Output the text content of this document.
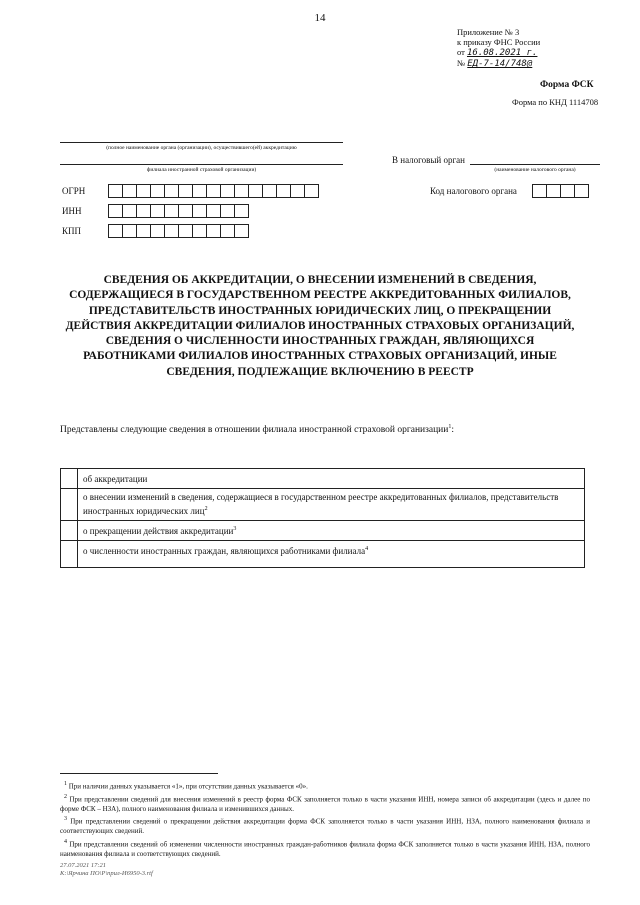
14
Приложение № 3
к приказу ФНС России
от 16.08.2021 г.
№ ЕД-7-14/748@
Форма ФСК
Форма по КНД 1114708
(полное наименование органа (организации), осуществившего(ей) аккредитацию
филиала иностранной страховой организации)
В налоговый орган
(наименование налогового органа)
Код налогового органа
ОГРН
ИНН
КПП
СВЕДЕНИЯ ОБ АККРЕДИТАЦИИ, О ВНЕСЕНИИ ИЗМЕНЕНИЙ В СВЕДЕНИЯ, СОДЕРЖАЩИЕСЯ В ГОСУДАРСТВЕННОМ РЕЕСТРЕ АККРЕДИТОВАННЫХ ФИЛИАЛОВ, ПРЕДСТАВИТЕЛЬСТВ ИНОСТРАННЫХ ЮРИДИЧЕСКИХ ЛИЦ, О ПРЕКРАЩЕНИИ ДЕЙСТВИЯ АККРЕДИТАЦИИ ФИЛИАЛОВ ИНОСТРАННЫХ СТРАХОВЫХ ОРГАНИЗАЦИЙ, СВЕДЕНИЯ О ЧИСЛЕННОСТИ ИНОСТРАННЫХ ГРАЖДАН, ЯВЛЯЮЩИХСЯ РАБОТНИКАМИ ФИЛИАЛОВ ИНОСТРАННЫХ СТРАХОВЫХ ОРГАНИЗАЦИЙ, ИНЫЕ СВЕДЕНИЯ, ПОДЛЕЖАЩИЕ ВКЛЮЧЕНИЮ В РЕЕСТР
Представлены следующие сведения в отношении филиала иностранной страховой организации$^1$:
	об аккредитации
	о внесении изменений в сведения, содержащиеся в государственном реестре аккредитованных филиалов, представительств иностранных юридических лиц$^2$
	о прекращении действия аккредитации$^3$
	о численности иностранных граждан, являющихся работниками филиала$^4$

$^1$ При наличии данных указывается «1», при отсутствии данных указывается «0».

$^2$ При представлении сведений для внесения изменений в реестр форма ФСК заполняется только в части указания ИНН, номера записи об аккредитации (здесь и далее по форме ФСК – НЗА), полного наименования филиала и изменившихся данных.

$^3$ При представлении сведений о прекращении действия аккредитации форма ФСК заполняется только в части указания ИНН, НЗА, полного наименования филиала и соответствующих сведений.

$^4$ При представлении сведений об изменении численности иностранных граждан-работников филиала форма ФСК заполняется только в части указания ИНН, НЗА, полного наименования филиала и соответствующих сведений.

27.07.2021 17:21
К:\Ярчина ПО\Р\прил-И6950-3.rtf
